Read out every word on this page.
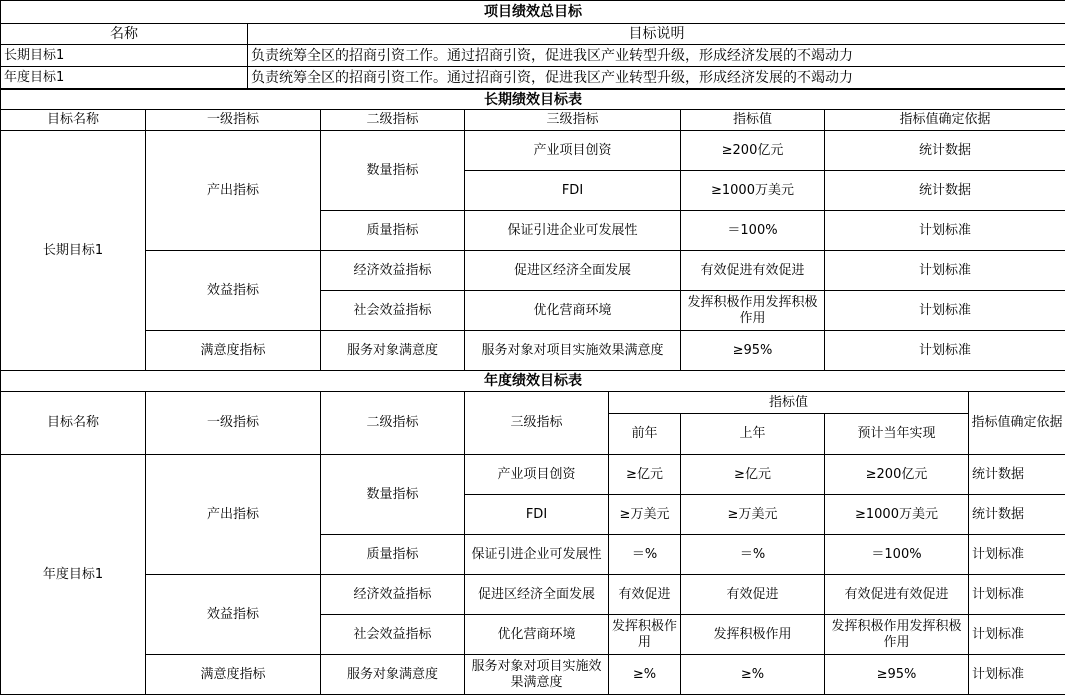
项目绩效总目标	
名称	目标说明
长期目标1	负责统筹全区的招商引资工作。通过招商引资，促进我区产业转型升级，形成经济发展的不竭动力
年度目标1	负责统筹全区的招商引资工作。通过招商引资，促进我区产业转型升级，形成经济发展的不竭动力
长期绩效目标表					
目标名称	一级指标	二级指标	三级指标	指标值	指标值确定依据
长期目标1	产出指标	数量指标	产业项目创资	≥200亿元	统计数据
			FDI	≥1000万美元	统计数据
		质量指标	保证引进企业可发展性	＝100%	计划标准
	效益指标	经济效益指标	促进区经济全面发展	有效促进有效促进	计划标准
		社会效益指标	优化营商环境	发挥积极作用发挥积极作用	计划标准
	满意度指标	服务对象满意度	服务对象对项目实施效果满意度	≥95%	计划标准
年度绩效目标表							
目标名称	一级指标	二级指标	三级指标	指标值			指标值确定依据
				前年	上年	预计当年实现	
年度目标1	产出指标	数量指标	产业项目创资	≥亿元	≥亿元	≥200亿元	统计数据
			FDI	≥万美元	≥万美元	≥1000万美元	统计数据
		质量指标	保证引进企业可发展性	＝%	＝%	＝100%	计划标准
	效益指标	经济效益指标	促进区经济全面发展	有效促进	有效促进	有效促进有效促进	计划标准
		社会效益指标	优化营商环境	发挥积极作用	发挥积极作用	发挥积极作用发挥积极作用	计划标准
	满意度指标	服务对象满意度	服务对象对项目实施效果满意度	≥%	≥%	≥95%	计划标准
